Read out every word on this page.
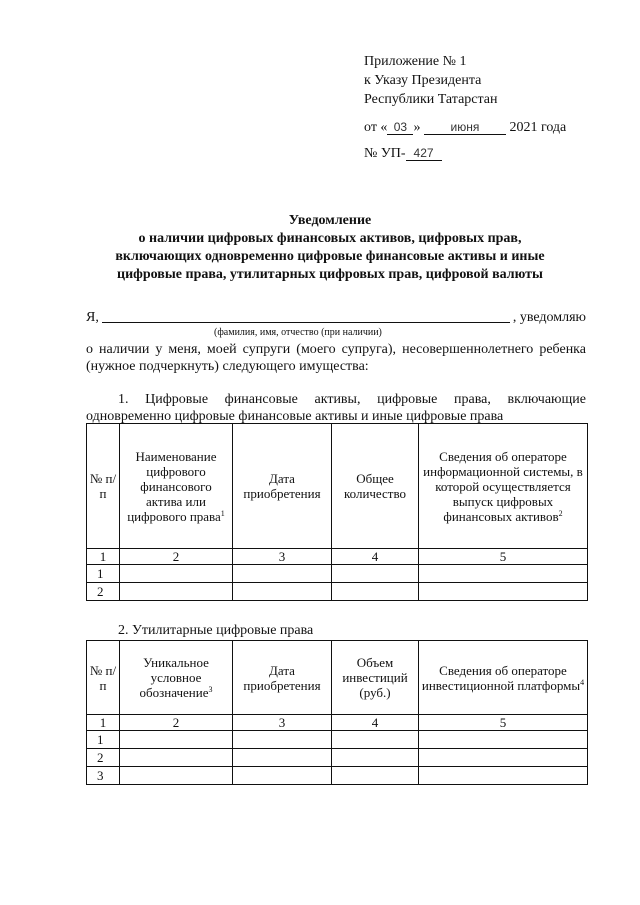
Приложение № 1
к Указу Президента
Республики Татарстан
от « 03 »	июня 2021 года
№ УП- 427
Уведомление
о наличии цифровых финансовых активов, цифровых прав,
включающих одновременно цифровые финансовые активы и иные
цифровые права, утилитарных цифровых прав, цифровой валюты
Я,	, уведомляю
(фамилия, имя, отчество (при наличии)
о наличии у меня, моей супруги (моего супруга), несовершеннолетнего ребенка (нужное подчеркнуть) следующего имущества:
1. Цифровые финансовые активы, цифровые права, включающие одновременно цифровые финансовые активы и иные цифровые права
№ п/п	Наименование цифрового финансового актива или цифрового права$^1$	Дата приобретения	Общее количество	Сведения об операторе информационной системы, в которой осуществляется выпуск цифровых финансовых активов$^2$
1	2	3	4	5
1				
2				
2. Утилитарные цифровые права
№ п/п	Уникальное условное обозначение$^3$	Дата приобретения	Объем инвестиций (руб.)	Сведения об операторе инвестиционной платформы$^4$
1	2	3	4	5
1				
2				
3				
